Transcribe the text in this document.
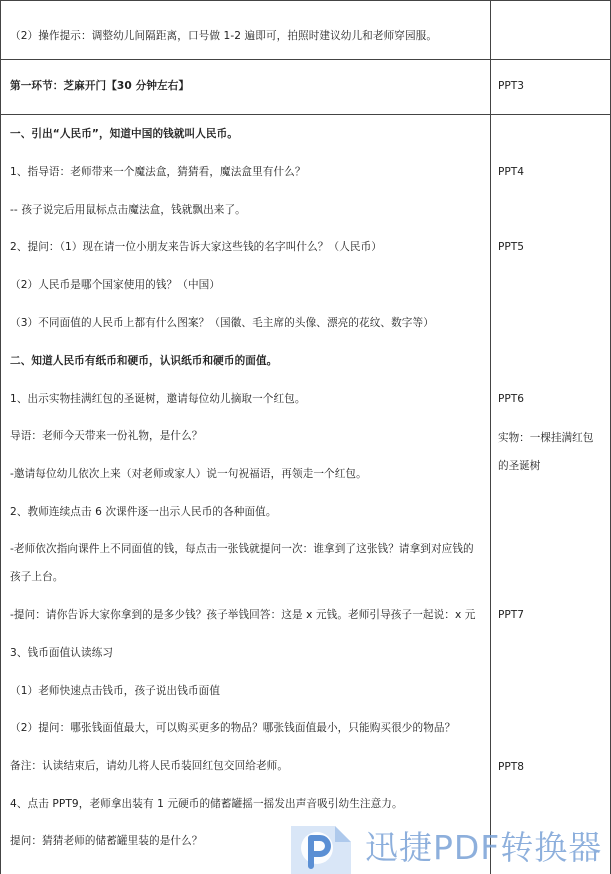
（2）操作提示：调整幼儿间隔距离，口号做 1-2 遍即可，拍照时建议幼儿和老师穿园服。
第一环节：芝麻开门【30 分钟左右】
一、引出“人民币”，知道中国的钱就叫人民币。
1、指导语：老师带来一个魔法盒，猜猜看，魔法盒里有什么？
-- 孩子说完后用鼠标点击魔法盒，钱就飘出来了。
2、提问：（1）现在请一位小朋友来告诉大家这些钱的名字叫什么？（人民币）
（2）人民币是哪个国家使用的钱？（中国）
（3）不同面值的人民币上都有什么图案？（国徽、毛主席的头像、漂亮的花纹、数字等）
二、知道人民币有纸币和硬币，认识纸币和硬币的面值。
1、出示实物挂满红包的圣诞树，邀请每位幼儿摘取一个红包。
导语：老师今天带来一份礼物，是什么？
-邀请每位幼儿依次上来（对老师或家人）说一句祝福语，再领走一个红包。
2、教师连续点击 6 次课件逐一出示人民币的各种面值。
-老师依次指向课件上不同面值的钱，每点击一张钱就提问一次：谁拿到了这张钱？请拿到对应钱的
孩子上台。
-提问：请你告诉大家你拿到的是多少钱？孩子举钱回答：这是 x 元钱。老师引导孩子一起说：x 元
3、钱币面值认读练习
（1）老师快速点击钱币，孩子说出钱币面值
（2）提问：哪张钱面值最大，可以购买更多的物品？哪张钱面值最小，只能购买很少的物品？
备注：认读结束后，请幼儿将人民币装回红包交回给老师。
4、点击 PPT9，老师拿出装有 1 元硬币的储蓄罐摇一摇发出声音吸引幼生注意力。
提问：猜猜老师的储蓄罐里装的是什么？
PPT3
PPT4
PPT5
PPT6
实物：一棵挂满红包
的圣诞树
PPT7
PPT8
迅捷PDF转换器
